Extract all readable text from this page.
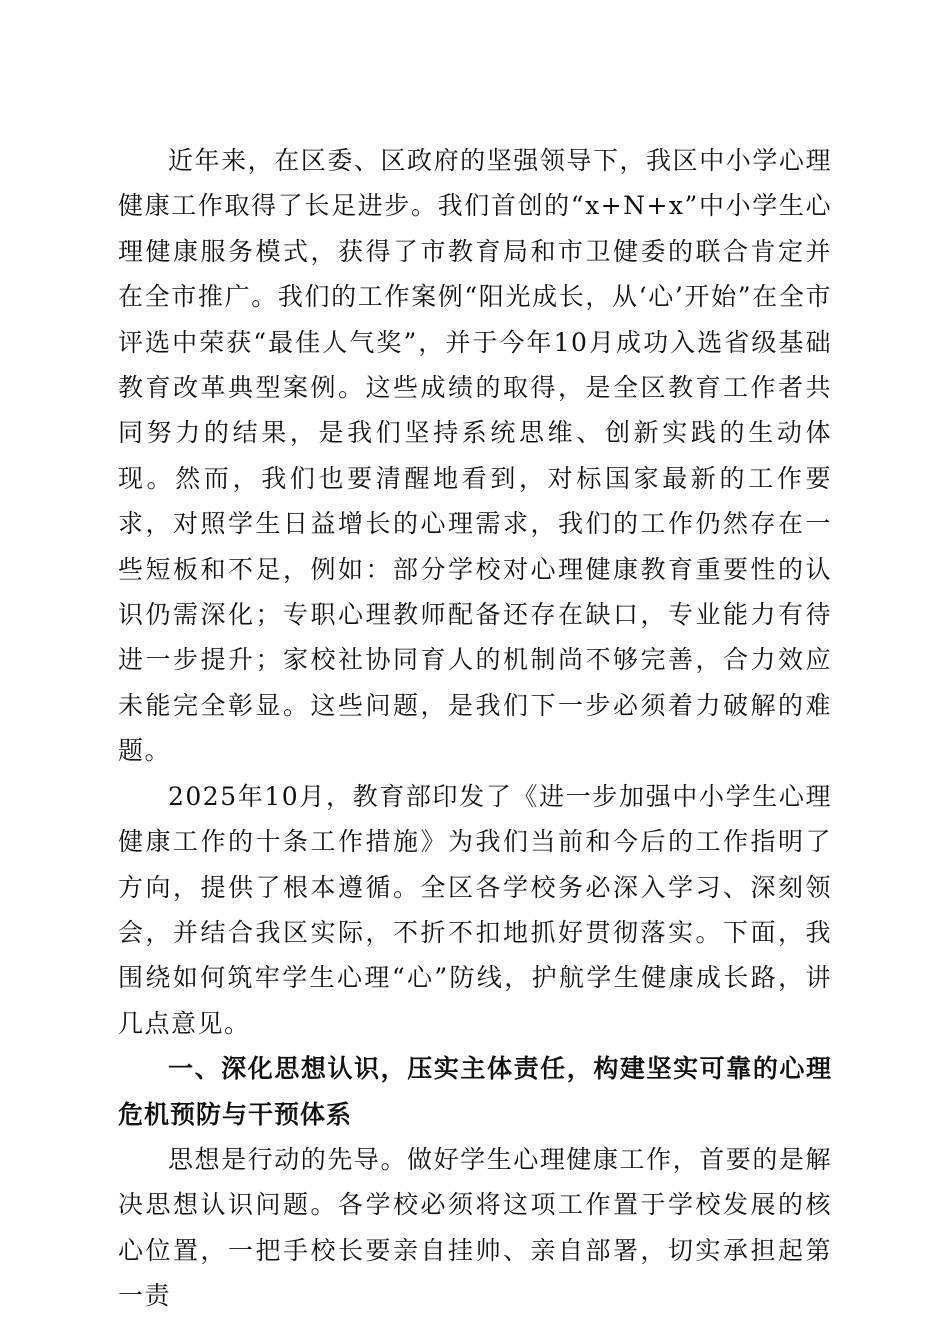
近年来，在区委、区政府的坚强领导下，我区中小学心理健康工作取得了长足进步。我们首创的“x+N+x”中小学生心理健康服务模式，获得了市教育局和市卫健委的联合肯定并在全市推广。我们的工作案例“阳光成长，从‘心’开始”在全市评选中荣获“最佳人气奖”，并于今年10月成功入选省级基础教育改革典型案例。这些成绩的取得，是全区教育工作者共同努力的结果，是我们坚持系统思维、创新实践的生动体现。然而，我们也要清醒地看到，对标国家最新的工作要求，对照学生日益增长的心理需求，我们的工作仍然存在一些短板和不足，例如：部分学校对心理健康教育重要性的认识仍需深化；专职心理教师配备还存在缺口，专业能力有待进一步提升；家校社协同育人的机制尚不够完善，合力效应未能完全彰显。这些问题，是我们下一步必须着力破解的难题。

2025年10月，教育部印发了《进一步加强中小学生心理健康工作的十条工作措施》为我们当前和今后的工作指明了方向，提供了根本遵循。全区各学校务必深入学习、深刻领会，并结合我区实际，不折不扣地抓好贯彻落实。下面，我围绕如何筑牢学生心理“心”防线，护航学生健康成长路，讲几点意见。

一、深化思想认识，压实主体责任，构建坚实可靠的心理危机预防与干预体系

思想是行动的先导。做好学生心理健康工作，首要的是解决思想认识问题。各学校必须将这项工作置于学校发展的核心位置，一把手校长要亲自挂帅、亲自部署，切实承担起第一责
